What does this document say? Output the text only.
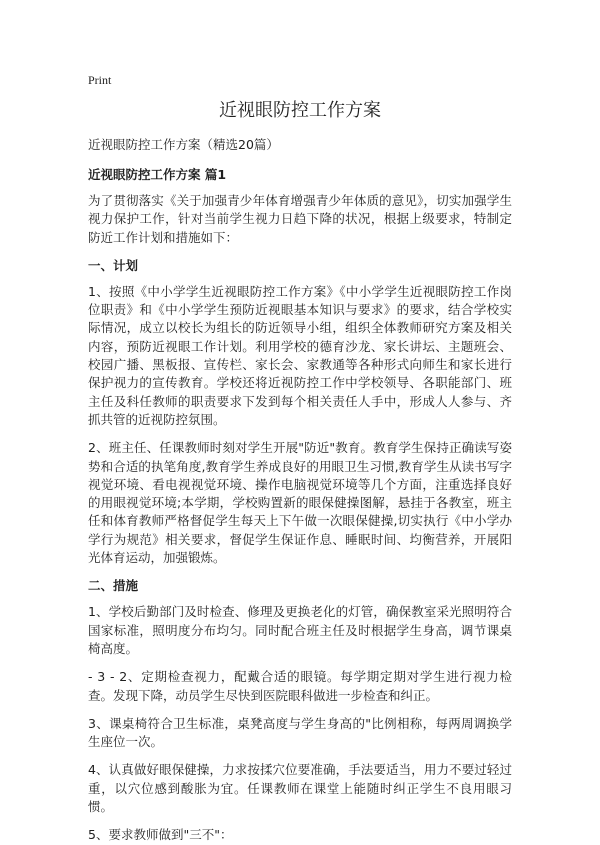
Print
近视眼防控工作方案

近视眼防控工作方案（精选20篇）

近视眼防控工作方案 篇1

为了贯彻落实《关于加强青少年体育增强青少年体质的意见》，切实加强学生视力保护工作，针对当前学生视力日趋下降的状况，根据上级要求，特制定防近工作计划和措施如下：

一、计划

1、按照《中小学学生近视眼防控工作方案》《中小学学生近视眼防控工作岗位职责》和《中小学学生预防近视眼基本知识与要求》的要求，结合学校实际情况，成立以校长为组长的防近领导小组，组织全体教师研究方案及相关内容，预防近视眼工作计划。利用学校的德育沙龙、家长讲坛、主题班会、校园广播、黑板报、宣传栏、家长会、家教通等各种形式向师生和家长进行保护视力的宣传教育。学校还将近视防控工作中学校领导、各职能部门、班主任及科任教师的职责要求下发到每个相关责任人手中，形成人人参与、齐抓共管的近视防控氛围。

2、班主任、任课教师时刻对学生开展"防近"教育。教育学生保持正确读写姿势和合适的执笔角度,教育学生养成良好的用眼卫生习惯,教育学生从读书写字视觉环境、看电视视觉环境、操作电脑视觉环境等几个方面，注重选择良好的用眼视觉环境;本学期，学校购置新的眼保健操图解，悬挂于各教室，班主任和体育教师严格督促学生每天上下午做一次眼保健操,切实执行《中小学办学行为规范》相关要求，督促学生保证作息、睡眠时间、均衡营养，开展阳光体育运动，加强锻炼。

二、措施

1、学校后勤部门及时检查、修理及更换老化的灯管，确保教室采光照明符合国家标准，照明度分布均匀。同时配合班主任及时根据学生身高，调节课桌椅高度。

- 3 - 2、定期检查视力，配戴合适的眼镜。每学期定期对学生进行视力检查。发现下降，动员学生尽快到医院眼科做进一步检查和纠正。

3、课桌椅符合卫生标准，桌凳高度与学生身高的"比例相称，每两周调换学生座位一次。

4、认真做好眼保健操，力求按揉穴位要准确，手法要适当，用力不要过轻过重，以穴位感到酸胀为宜。任课教师在课堂上能随时纠正学生不良用眼习惯。

5、要求教师做到"三不"：
